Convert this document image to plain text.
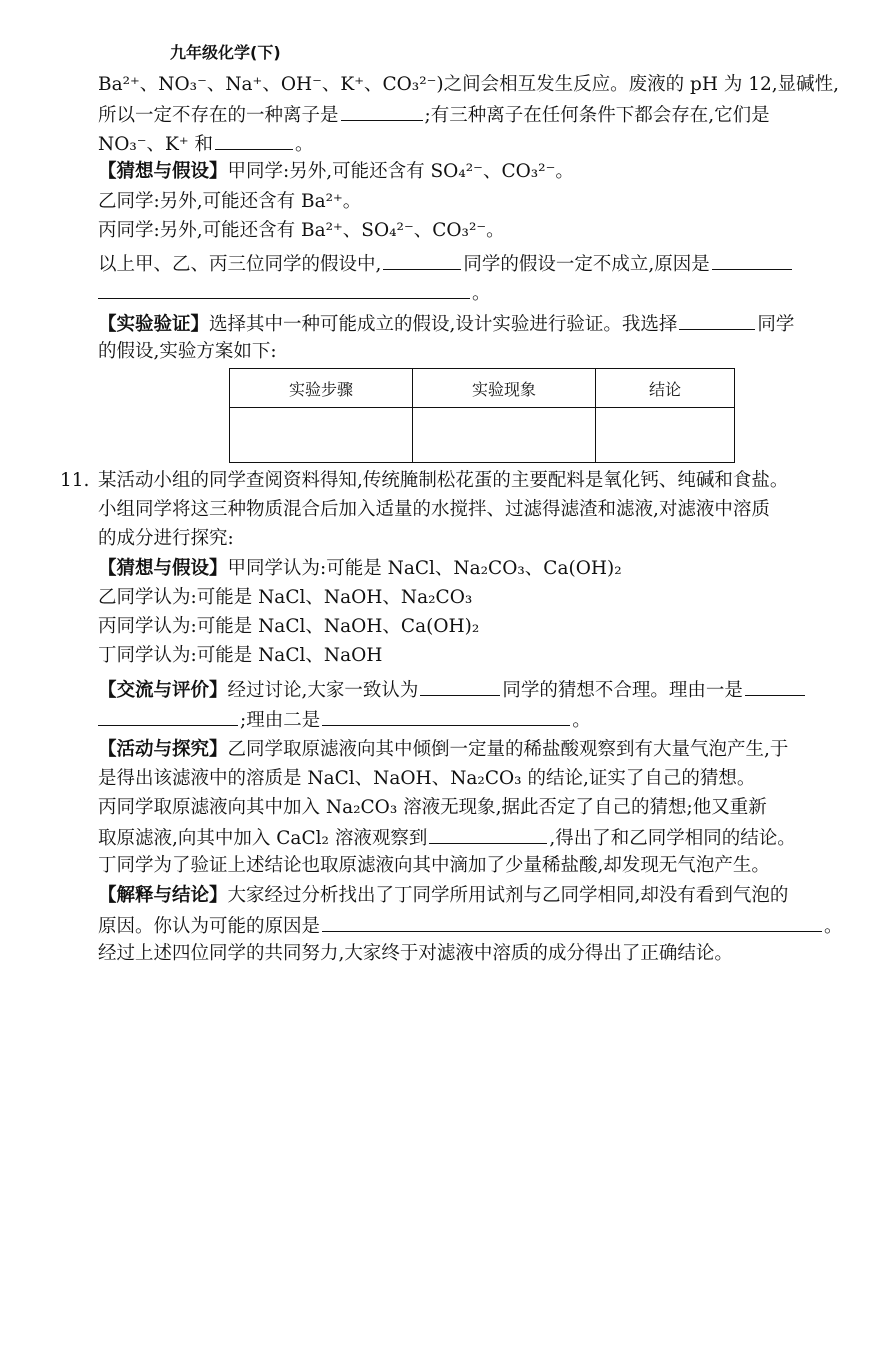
九年级化学(下)
Ba²⁺、NO₃⁻、Na⁺、OH⁻、K⁺、CO₃²⁻)之间会相互发生反应。废液的 pH 为 12,显碱性,
所以一定不存在的一种离子是	;有三种离子在任何条件下都会存在,它们是
NO₃⁻、K⁺ 和	。
【猜想与假设】甲同学:另外,可能还含有 SO₄²⁻、CO₃²⁻。
乙同学:另外,可能还含有 Ba²⁺。
丙同学:另外,可能还含有 Ba²⁺、SO₄²⁻、CO₃²⁻。
以上甲、乙、丙三位同学的假设中,	同学的假设一定不成立,原因是
。
【实验验证】选择其中一种可能成立的假设,设计实验进行验证。我选择	同学
的假设,实验方案如下:
实验步骤	实验现象	结论

11. 某活动小组的同学查阅资料得知,传统腌制松花蛋的主要配料是氧化钙、纯碱和食盐。
小组同学将这三种物质混合后加入适量的水搅拌、过滤得滤渣和滤液,对滤液中溶质
的成分进行探究:
【猜想与假设】甲同学认为:可能是 NaCl、Na₂CO₃、Ca(OH)₂
乙同学认为:可能是 NaCl、NaOH、Na₂CO₃
丙同学认为:可能是 NaCl、NaOH、Ca(OH)₂
丁同学认为:可能是 NaCl、NaOH
【交流与评价】经过讨论,大家一致认为	同学的猜想不合理。理由一是
;理由二是	。
【活动与探究】乙同学取原滤液向其中倾倒一定量的稀盐酸观察到有大量气泡产生,于
是得出该滤液中的溶质是 NaCl、NaOH、Na₂CO₃ 的结论,证实了自己的猜想。
丙同学取原滤液向其中加入 Na₂CO₃ 溶液无现象,据此否定了自己的猜想;他又重新
取原滤液,向其中加入 CaCl₂ 溶液观察到	,得出了和乙同学相同的结论。
丁同学为了验证上述结论也取原滤液向其中滴加了少量稀盐酸,却发现无气泡产生。
【解释与结论】大家经过分析找出了丁同学所用试剂与乙同学相同,却没有看到气泡的
原因。你认为可能的原因是	。
经过上述四位同学的共同努力,大家终于对滤液中溶质的成分得出了正确结论。
